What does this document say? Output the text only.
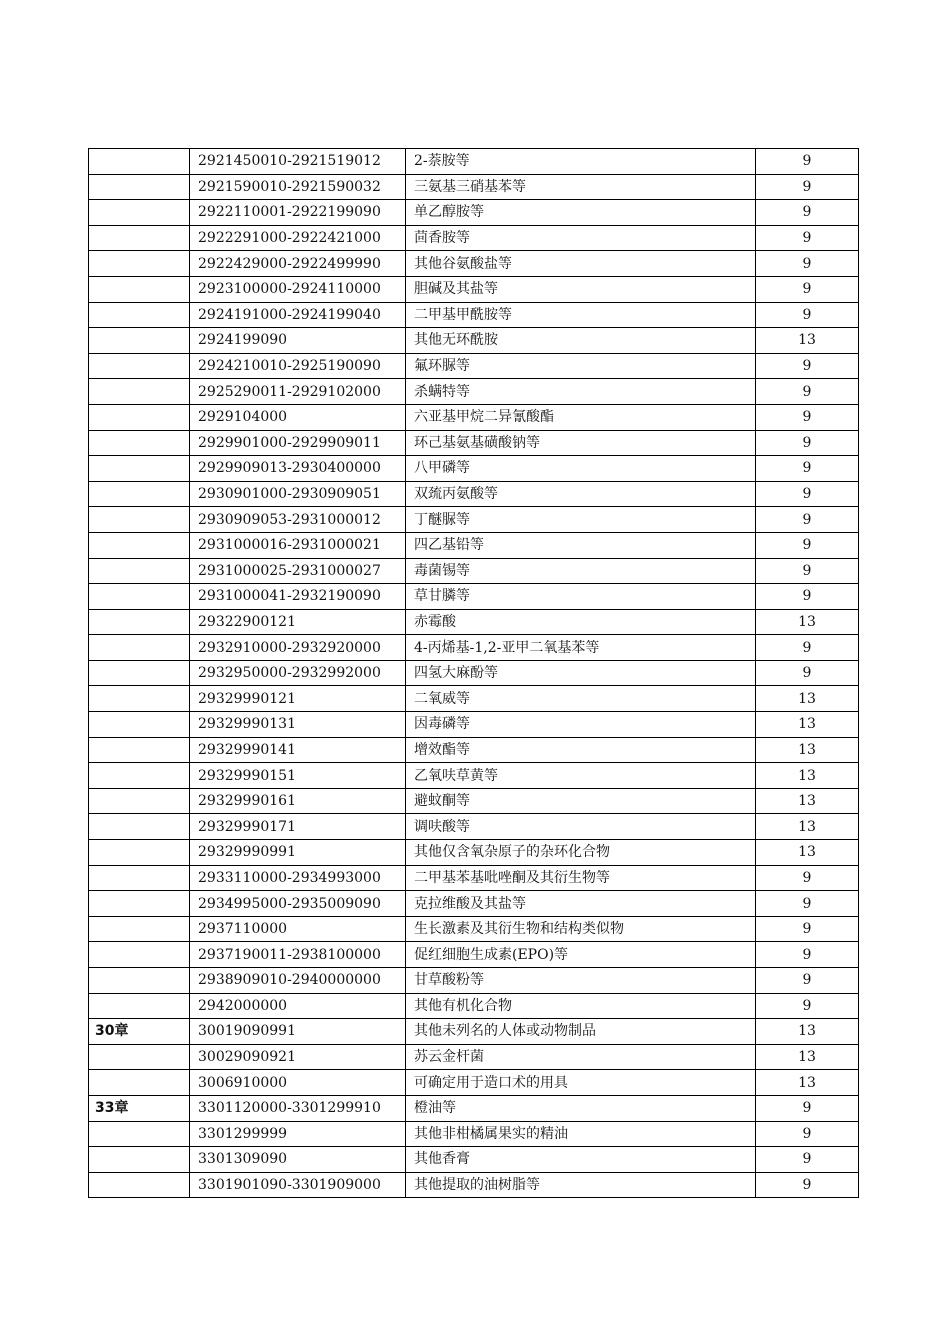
	2921450010-2921519012	2-萘胺等	9
	2921590010-2921590032	三氨基三硝基苯等	9
	2922110001-2922199090	单乙醇胺等	9
	2922291000-2922421000	茴香胺等	9
	2922429000-2922499990	其他谷氨酸盐等	9
	2923100000-2924110000	胆碱及其盐等	9
	2924191000-2924199040	二甲基甲酰胺等	9
	2924199090	其他无环酰胺	13
	2924210010-2925190090	氟环脲等	9
	2925290011-2929102000	杀螨特等	9
	2929104000	六亚基甲烷二异氰酸酯	9
	2929901000-2929909011	环己基氨基磺酸钠等	9
	2929909013-2930400000	八甲磷等	9
	2930901000-2930909051	双巯丙氨酸等	9
	2930909053-2931000012	丁醚脲等	9
	2931000016-2931000021	四乙基铅等	9
	2931000025-2931000027	毒菌锡等	9
	2931000041-2932190090	草甘膦等	9
	29322900121	赤霉酸	13
	2932910000-2932920000	4-丙烯基-1,2-亚甲二氧基苯等	9
	2932950000-2932992000	四氢大麻酚等	9
	29329990121	二氧威等	13
	29329990131	因毒磷等	13
	29329990141	增效酯等	13
	29329990151	乙氧呋草黄等	13
	29329990161	避蚊酮等	13
	29329990171	调呋酸等	13
	29329990991	其他仅含氧杂原子的杂环化合物	13
	2933110000-2934993000	二甲基苯基吡唑酮及其衍生物等	9
	2934995000-2935009090	克拉维酸及其盐等	9
	2937110000	生长激素及其衍生物和结构类似物	9
	2937190011-2938100000	促红细胞生成素(EPO)等	9
	2938909010-2940000000	甘草酸粉等	9
	2942000000	其他有机化合物	9
30章	30019090991	其他未列名的人体或动物制品	13
	30029090921	苏云金杆菌	13
	3006910000	可确定用于造口术的用具	13
33章	3301120000-3301299910	橙油等	9
	3301299999	其他非柑橘属果实的精油	9
	3301309090	其他香膏	9
	3301901090-3301909000	其他提取的油树脂等	9
